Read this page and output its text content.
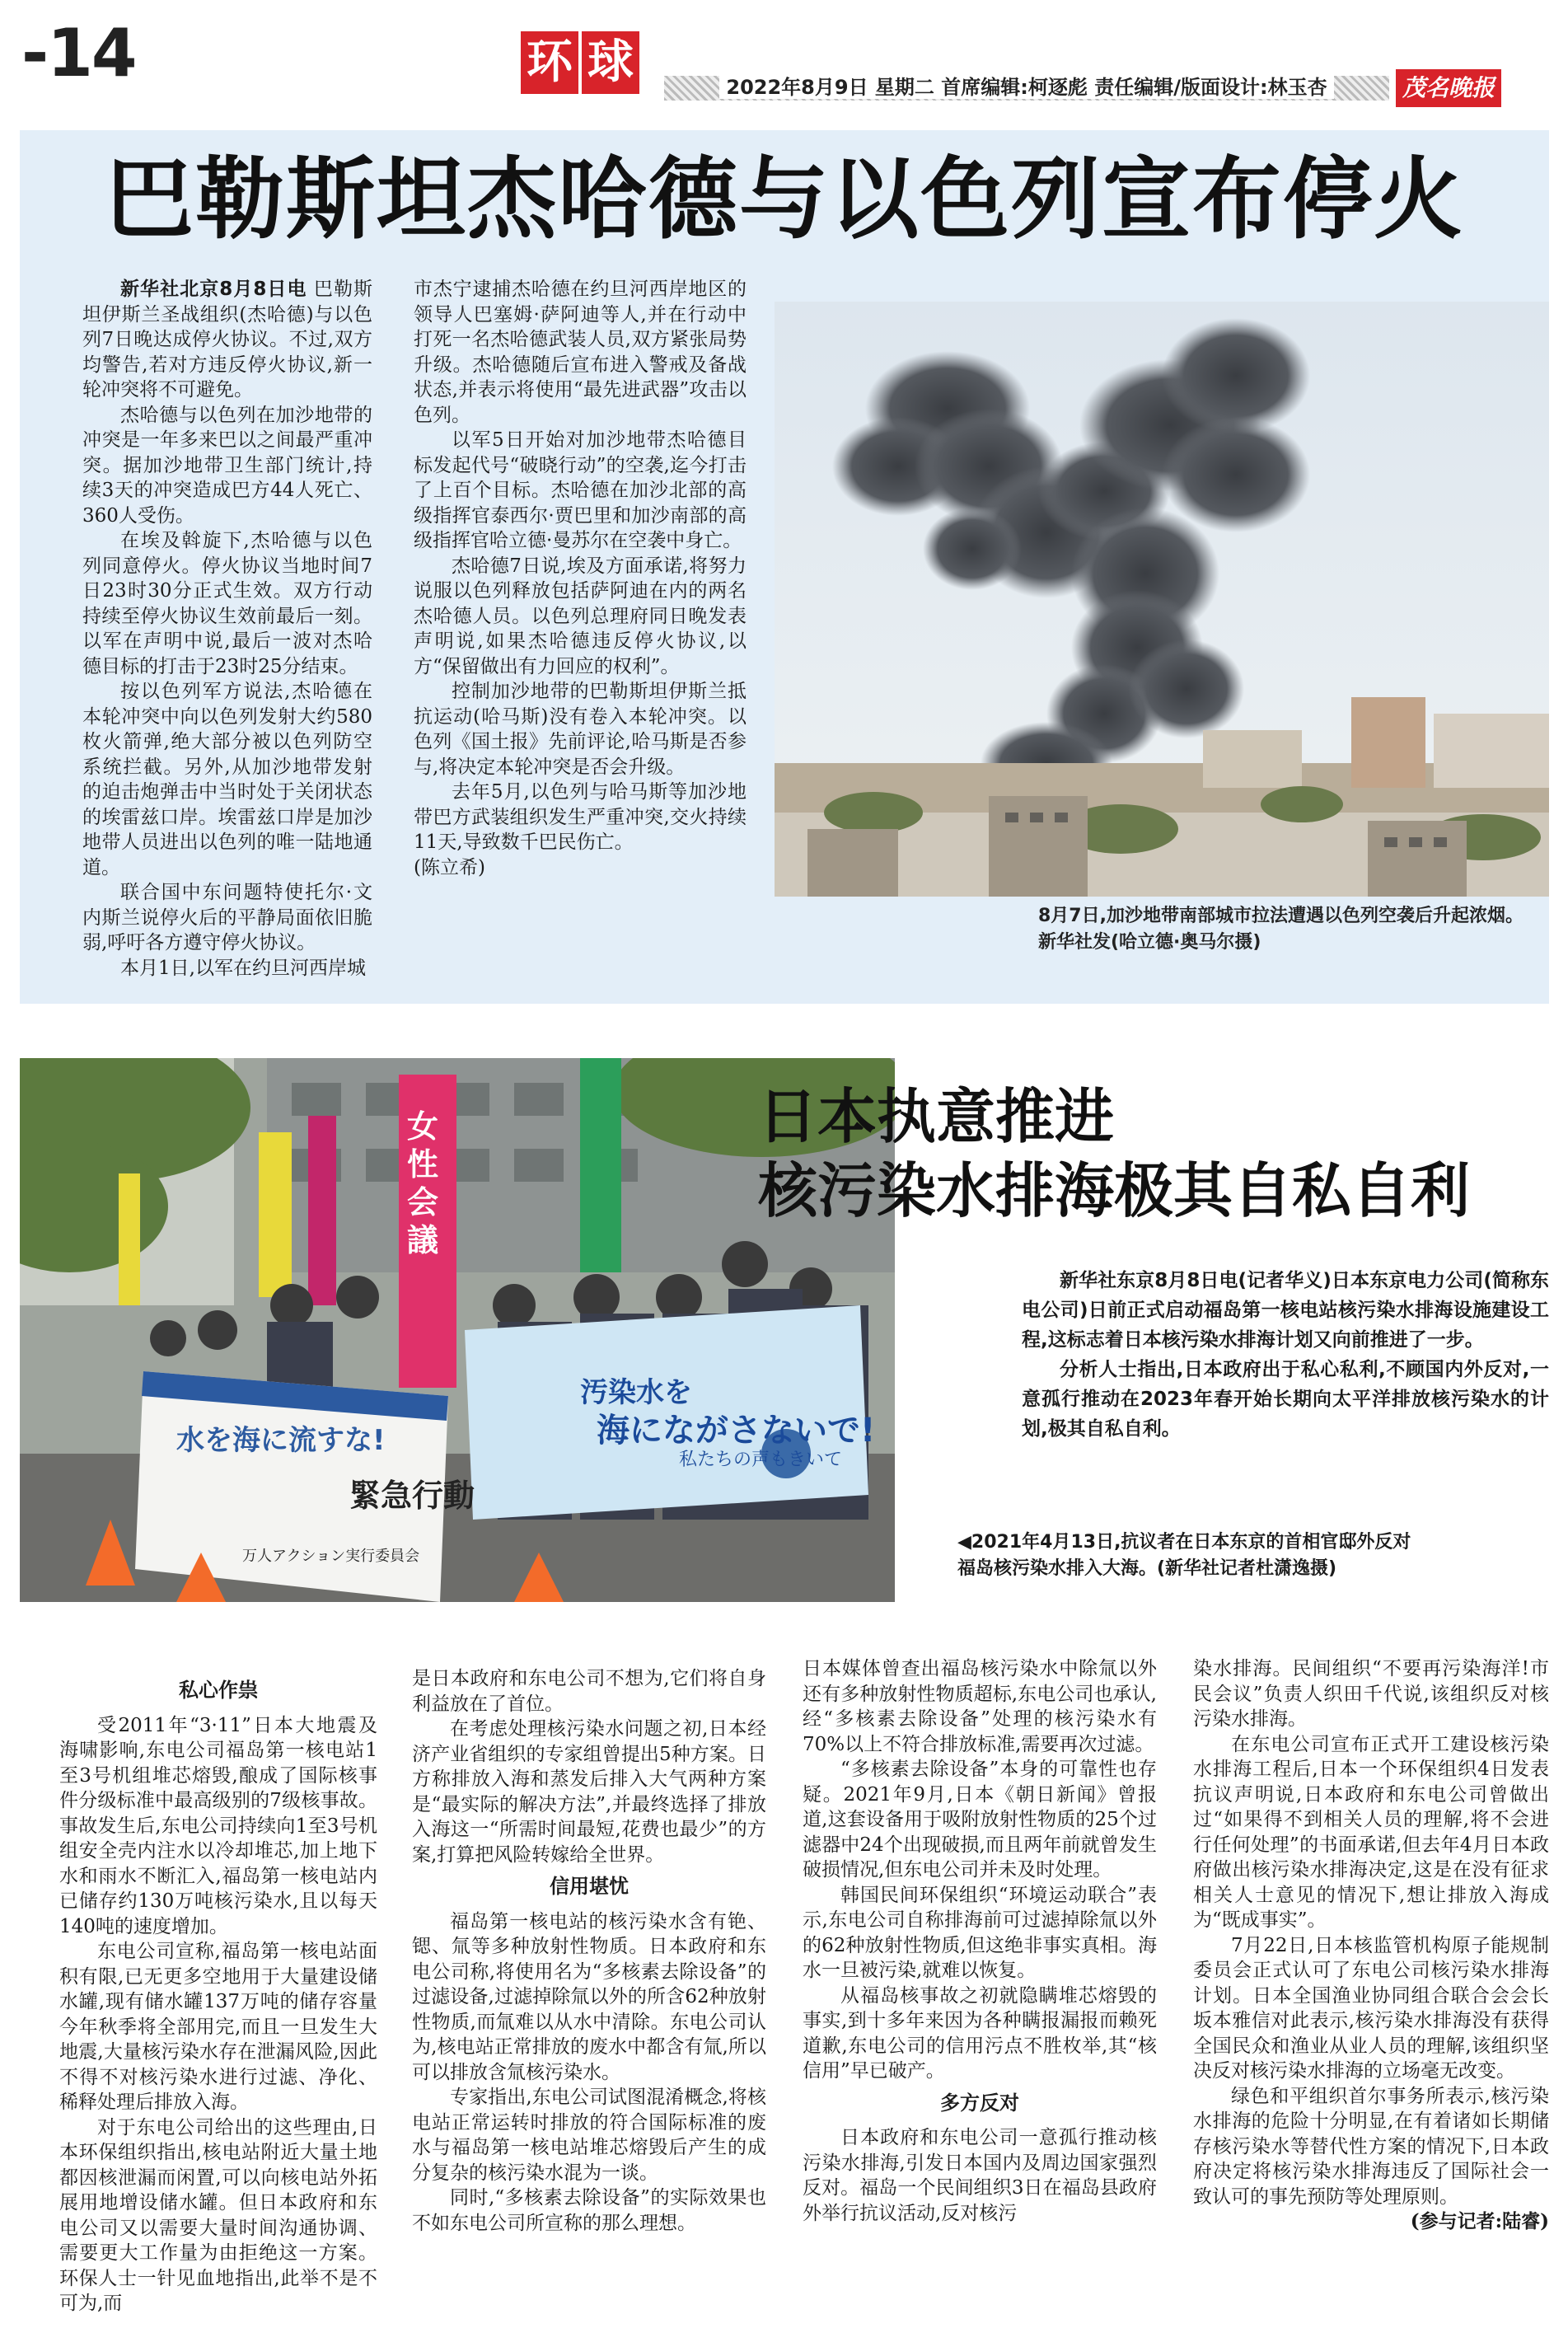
-14	环 球	2022年8月9日 星期二 首席编辑:柯逐彪 责任编辑/版面设计:林玉杏	茂名晚报
巴勒斯坦杰哈德与以色列宣布停火

新华社北京8月8日电 巴勒斯坦伊斯兰圣战组织(杰哈德)与以色列7日晚达成停火协议。不过,双方均警告,若对方违反停火协议,新一轮冲突将不可避免。

杰哈德与以色列在加沙地带的冲突是一年多来巴以之间最严重冲突。据加沙地带卫生部门统计,持续3天的冲突造成巴方44人死亡、360人受伤。

在埃及斡旋下,杰哈德与以色列同意停火。停火协议当地时间7日23时30分正式生效。双方行动持续至停火协议生效前最后一刻。以军在声明中说,最后一波对杰哈德目标的打击于23时25分结束。

按以色列军方说法,杰哈德在本轮冲突中向以色列发射大约580枚火箭弹,绝大部分被以色列防空系统拦截。另外,从加沙地带发射的迫击炮弹击中当时处于关闭状态的埃雷兹口岸。埃雷兹口岸是加沙地带人员进出以色列的唯一陆地通道。

联合国中东问题特使托尔·文内斯兰说停火后的平静局面依旧脆弱,呼吁各方遵守停火协议。

本月1日,以军在约旦河西岸城

市杰宁逮捕杰哈德在约旦河西岸地区的领导人巴塞姆·萨阿迪等人,并在行动中打死一名杰哈德武装人员,双方紧张局势升级。杰哈德随后宣布进入警戒及备战状态,并表示将使用“最先进武器”攻击以色列。

以军5日开始对加沙地带杰哈德目标发起代号“破晓行动”的空袭,迄今打击了上百个目标。杰哈德在加沙北部的高级指挥官泰西尔·贾巴里和加沙南部的高级指挥官哈立德·曼苏尔在空袭中身亡。

杰哈德7日说,埃及方面承诺,将努力说服以色列释放包括萨阿迪在内的两名杰哈德人员。以色列总理府同日晚发表声明说,如果杰哈德违反停火协议,以方“保留做出有力回应的权利”。

控制加沙地带的巴勒斯坦伊斯兰抵抗运动(哈马斯)没有卷入本轮冲突。以色列《国土报》先前评论,哈马斯是否参与,将决定本轮冲突是否会升级。

去年5月,以色列与哈马斯等加沙地带巴方武装组织发生严重冲突,交火持续11天,导致数千巴民伤亡。

(陈立希)

8月7日,加沙地带南部城市拉法遭遇以色列空袭后升起浓烟。新华社发(哈立德·奥马尔摄)
汚染水を
海にながさないで!
私たちの声もきいて
水を海に流すな!
緊急行動
女性会議
万人アクション実行委員会
日本执意推进
核污染水排海极其自私自利

新华社东京8月8日电(记者华义)日本东京电力公司(简称东电公司)日前正式启动福岛第一核电站核污染水排海设施建设工程,这标志着日本核污染水排海计划又向前推进了一步。

分析人士指出,日本政府出于私心私利,不顾国内外反对,一意孤行推动在2023年春开始长期向太平洋排放核污染水的计划,极其自私自利。

◀2021年4月13日,抗议者在日本东京的首相官邸外反对福岛核污染水排入大海。(新华社记者杜潇逸摄)

私心作祟

受2011年“3·11”日本大地震及海啸影响,东电公司福岛第一核电站1至3号机组堆芯熔毁,酿成了国际核事件分级标准中最高级别的7级核事故。事故发生后,东电公司持续向1至3号机组安全壳内注水以冷却堆芯,加上地下水和雨水不断汇入,福岛第一核电站内已储存约130万吨核污染水,且以每天140吨的速度增加。

东电公司宣称,福岛第一核电站面积有限,已无更多空地用于大量建设储水罐,现有储水罐137万吨的储存容量今年秋季将全部用完,而且一旦发生大地震,大量核污染水存在泄漏风险,因此不得不对核污染水进行过滤、净化、稀释处理后排放入海。

对于东电公司给出的这些理由,日本环保组织指出,核电站附近大量土地都因核泄漏而闲置,可以向核电站外拓展用地增设储水罐。但日本政府和东电公司又以需要大量时间沟通协调、需要更大工作量为由拒绝这一方案。环保人士一针见血地指出,此举不是不可为,而

是日本政府和东电公司不想为,它们将自身利益放在了首位。

在考虑处理核污染水问题之初,日本经济产业省组织的专家组曾提出5种方案。日方称排放入海和蒸发后排入大气两种方案是“最实际的解决方法”,并最终选择了排放入海这一“所需时间最短,花费也最少”的方案,打算把风险转嫁给全世界。

信用堪忧

福岛第一核电站的核污染水含有铯、锶、氚等多种放射性物质。日本政府和东电公司称,将使用名为“多核素去除设备”的过滤设备,过滤掉除氚以外的所含62种放射性物质,而氚难以从水中清除。东电公司认为,核电站正常排放的废水中都含有氚,所以可以排放含氚核污染水。

专家指出,东电公司试图混淆概念,将核电站正常运转时排放的符合国际标准的废水与福岛第一核电站堆芯熔毁后产生的成分复杂的核污染水混为一谈。

同时,“多核素去除设备”的实际效果也不如东电公司所宣称的那么理想。

日本媒体曾查出福岛核污染水中除氚以外还有多种放射性物质超标,东电公司也承认,经“多核素去除设备”处理的核污染水有70%以上不符合排放标准,需要再次过滤。

“多核素去除设备”本身的可靠性也存疑。2021年9月,日本《朝日新闻》曾报道,这套设备用于吸附放射性物质的25个过滤器中24个出现破损,而且两年前就曾发生破损情况,但东电公司并未及时处理。

韩国民间环保组织“环境运动联合”表示,东电公司自称排海前可过滤掉除氚以外的62种放射性物质,但这绝非事实真相。海水一旦被污染,就难以恢复。

从福岛核事故之初就隐瞒堆芯熔毁的事实,到十多年来因为各种瞒报漏报而赖死道歉,东电公司的信用污点不胜枚举,其“核信用”早已破产。

多方反对

日本政府和东电公司一意孤行推动核污染水排海,引发日本国内及周边国家强烈反对。福岛一个民间组织3日在福岛县政府外举行抗议活动,反对核污

染水排海。民间组织“不要再污染海洋!市民会议”负责人织田千代说,该组织反对核污染水排海。

在东电公司宣布正式开工建设核污染水排海工程后,日本一个环保组织4日发表抗议声明说,日本政府和东电公司曾做出过“如果得不到相关人员的理解,将不会进行任何处理”的书面承诺,但去年4月日本政府做出核污染水排海决定,这是在没有征求相关人士意见的情况下,想让排放入海成为“既成事实”。

7月22日,日本核监管机构原子能规制委员会正式认可了东电公司核污染水排海计划。日本全国渔业协同组合联合会会长坂本雅信对此表示,核污染水排海没有获得全国民众和渔业从业人员的理解,该组织坚决反对核污染水排海的立场毫无改变。

绿色和平组织首尔事务所表示,核污染水排海的危险十分明显,在有着诸如长期储存核污染水等替代性方案的情况下,日本政府决定将核污染水排海违反了国际社会一致认可的事先预防等处理原则。

(参与记者:陆睿)
